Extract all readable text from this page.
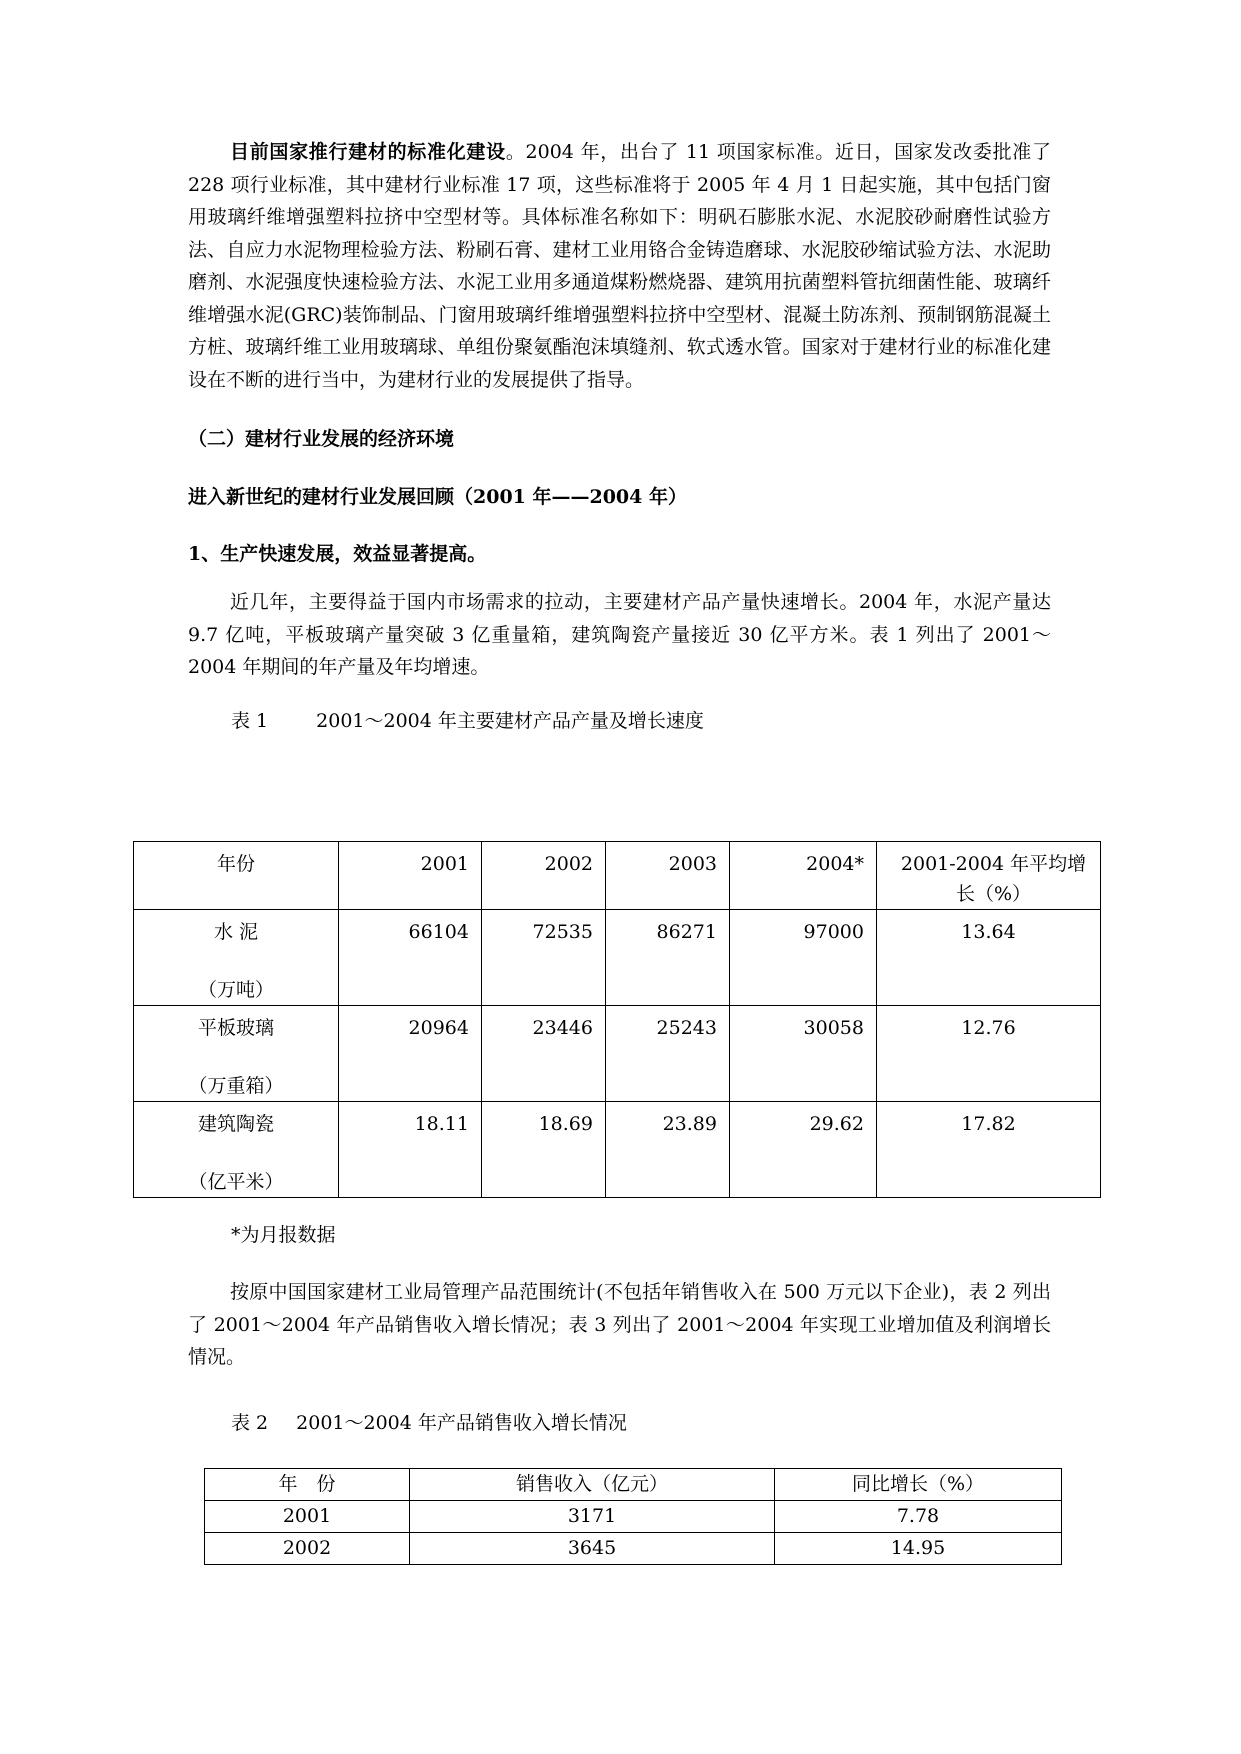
目前国家推行建材的标准化建设。2004 年，出台了 11 项国家标准。近日，国家发改委批准了 228 项行业标准，其中建材行业标准 17 项，这些标准将于 2005 年 4 月 1 日起实施，其中包括门窗用玻璃纤维增强塑料拉挤中空型材等。具体标准名称如下：明矾石膨胀水泥、水泥胶砂耐磨性试验方法、自应力水泥物理检验方法、粉刷石膏、建材工业用铬合金铸造磨球、水泥胶砂缩试验方法、水泥助磨剂、水泥强度快速检验方法、水泥工业用多通道煤粉燃烧器、建筑用抗菌塑料管抗细菌性能、玻璃纤维增强水泥(GRC)装饰制品、门窗用玻璃纤维增强塑料拉挤中空型材、混凝土防冻剂、预制钢筋混凝土方桩、玻璃纤维工业用玻璃球、单组份聚氨酯泡沫填缝剂、软式透水管。国家对于建材行业的标准化建设在不断的进行当中，为建材行业的发展提供了指导。
（二）建材行业发展的经济环境
进入新世纪的建材行业发展回顾（2001 年——2004 年）
1、生产快速发展，效益显著提高。
近几年，主要得益于国内市场需求的拉动，主要建材产品产量快速增长。2004 年，水泥产量达 9.7 亿吨，平板玻璃产量突破 3 亿重量箱，建筑陶瓷产量接近 30 亿平方米。表 1 列出了 2001～2004 年期间的年产量及年均增速。
表 1	2001～2004 年主要建材产品产量及增长速度
年份	2001	2002	2003	2004*	2001-2004 年平均增长（%）
水 泥
（万吨）	66104	72535	86271	97000	13.64
平板玻璃
（万重箱）	20964	23446	25243	30058	12.76
建筑陶瓷
（亿平米）	18.11	18.69	23.89	29.62	17.82
*为月报数据
按原中国国家建材工业局管理产品范围统计(不包括年销售收入在 500 万元以下企业)，表 2 列出了 2001～2004 年产品销售收入增长情况；表 3 列出了 2001～2004 年实现工业增加值及利润增长情况。
表 2 2001～2004 年产品销售收入增长情况
年　份	销售收入（亿元）	同比增长（%）
2001	3171	7.78
2002	3645	14.95
